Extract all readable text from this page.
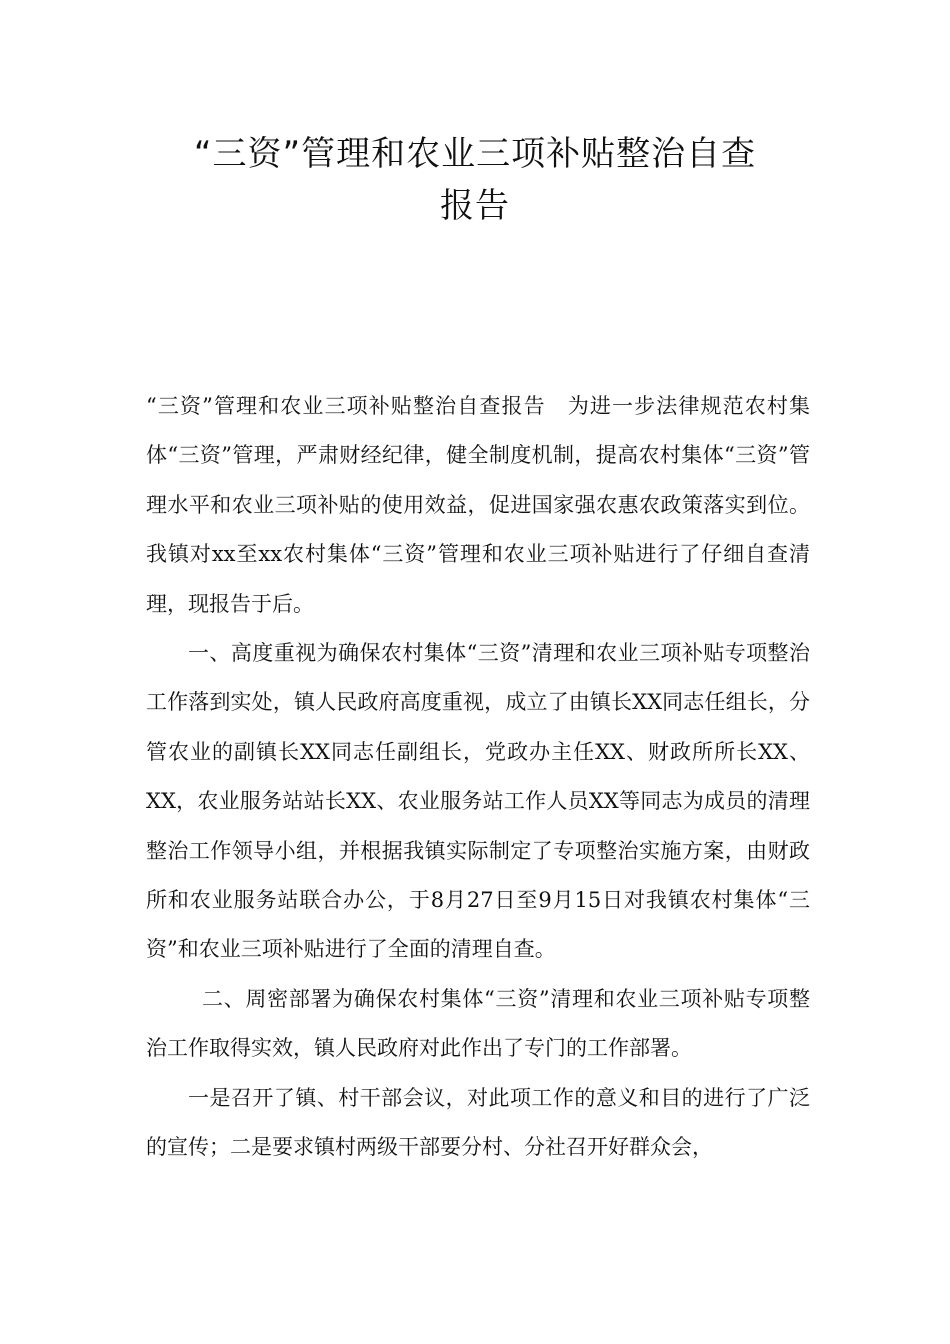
“三资”管理和农业三项补贴整治自查
报告

“三资”管理和农业三项补贴整治自查报告　为进一步法律规范农村集体“三资”管理，严肃财经纪律，健全制度机制，提高农村集体“三资”管理水平和农业三项补贴的使用效益，促进国家强农惠农政策落实到位。我镇对xx至xx农村集体“三资”管理和农业三项补贴进行了仔细自查清理，现报告于后。

一、高度重视为确保农村集体“三资”清理和农业三项补贴专项整治工作落到实处，镇人民政府高度重视，成立了由镇长XX同志任组长，分管农业的副镇长XX同志任副组长，党政办主任XX、财政所所长XX、XX，农业服务站站长XX、农业服务站工作人员XX等同志为成员的清理整治工作领导小组，并根据我镇实际制定了专项整治实施方案，由财政所和农业服务站联合办公，于8月27日至9月15日对我镇农村集体“三资”和农业三项补贴进行了全面的清理自查。

二、周密部署为确保农村集体“三资”清理和农业三项补贴专项整治工作取得实效，镇人民政府对此作出了专门的工作部署。

一是召开了镇、村干部会议，对此项工作的意义和目的进行了广泛的宣传；二是要求镇村两级干部要分村、分社召开好群众会，
